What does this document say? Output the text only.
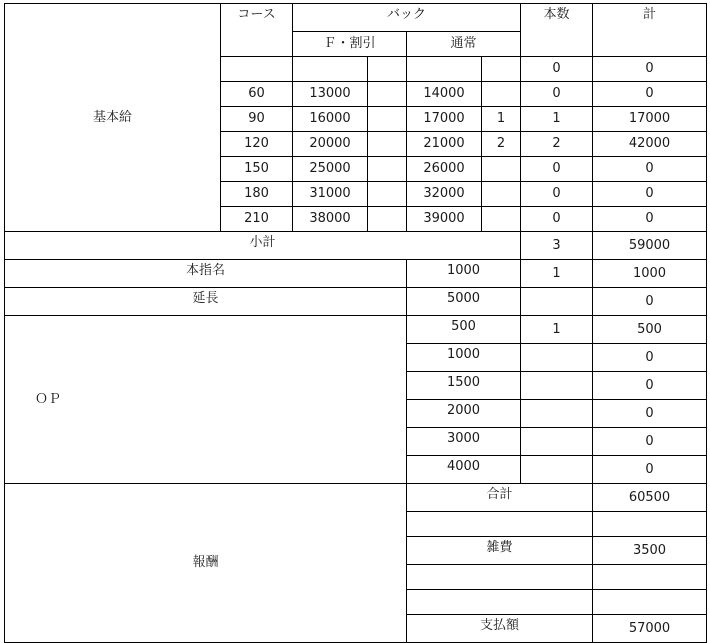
基本給	コース	バック				本数	計
		Ｆ・割引		通常			
						0	0
	60	13000		14000		0	0
	90	16000		17000	1	1	17000
	120	20000		21000	2	2	42000
	150	25000		26000		0	0
	180	31000		32000		0	0
	210	38000		39000		0	0
小計						3	59000
本指名				1000		1	1000
延長				5000			0
ＯＰ				500		1	500
				1000			0
				1500			0
				2000			0
				3000			0
				4000			0
報酬				合計			60500

				雑費			3500

				支払額			57000
